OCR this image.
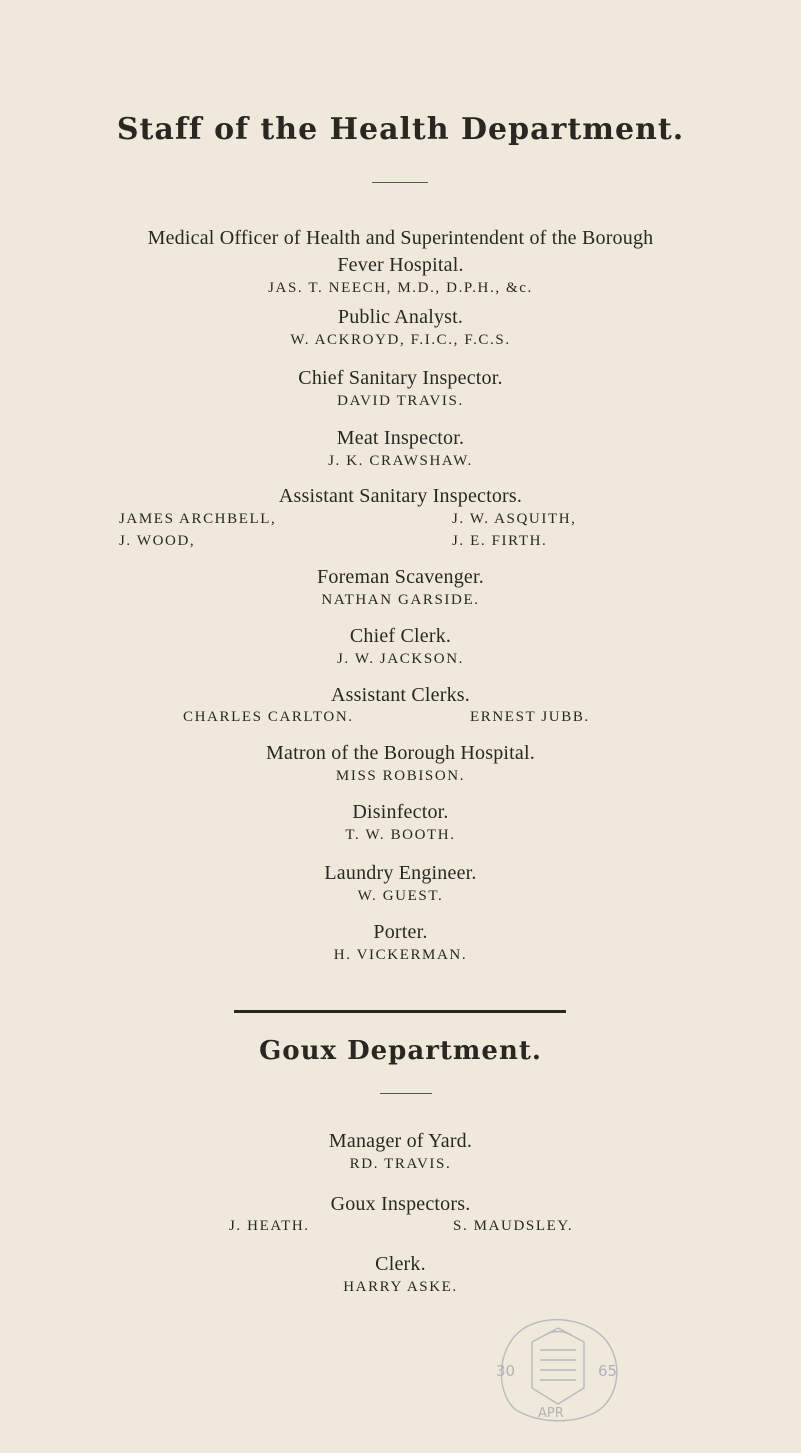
Staff of the Health Department.
Medical Officer of Health and Superintendent of the Borough
Fever Hospital.
JAS. T. NEECH, M.D., D.P.H., &c.
Public Analyst.
W. ACKROYD, F.I.C., F.C.S.
Chief Sanitary Inspector.
DAVID TRAVIS.
Meat Inspector.
J. K. CRAWSHAW.
Assistant Sanitary Inspectors.
JAMES ARCHBELL,	J. W. ASQUITH,
J. WOOD,	J. E. FIRTH.
Foreman Scavenger.
NATHAN GARSIDE.
Chief Clerk.
J. W. JACKSON.
Assistant Clerks.
CHARLES CARLTON.	ERNEST JUBB.
Matron of the Borough Hospital.
MISS ROBISON.
Disinfector.
T. W. BOOTH.
Laundry Engineer.
W. GUEST.
Porter.
H. VICKERMAN.
Goux Department.
Manager of Yard.
RD. TRAVIS.
Goux Inspectors.
J. HEATH.	S. MAUDSLEY.
Clerk.
HARRY ASKE.
30	65
APR
